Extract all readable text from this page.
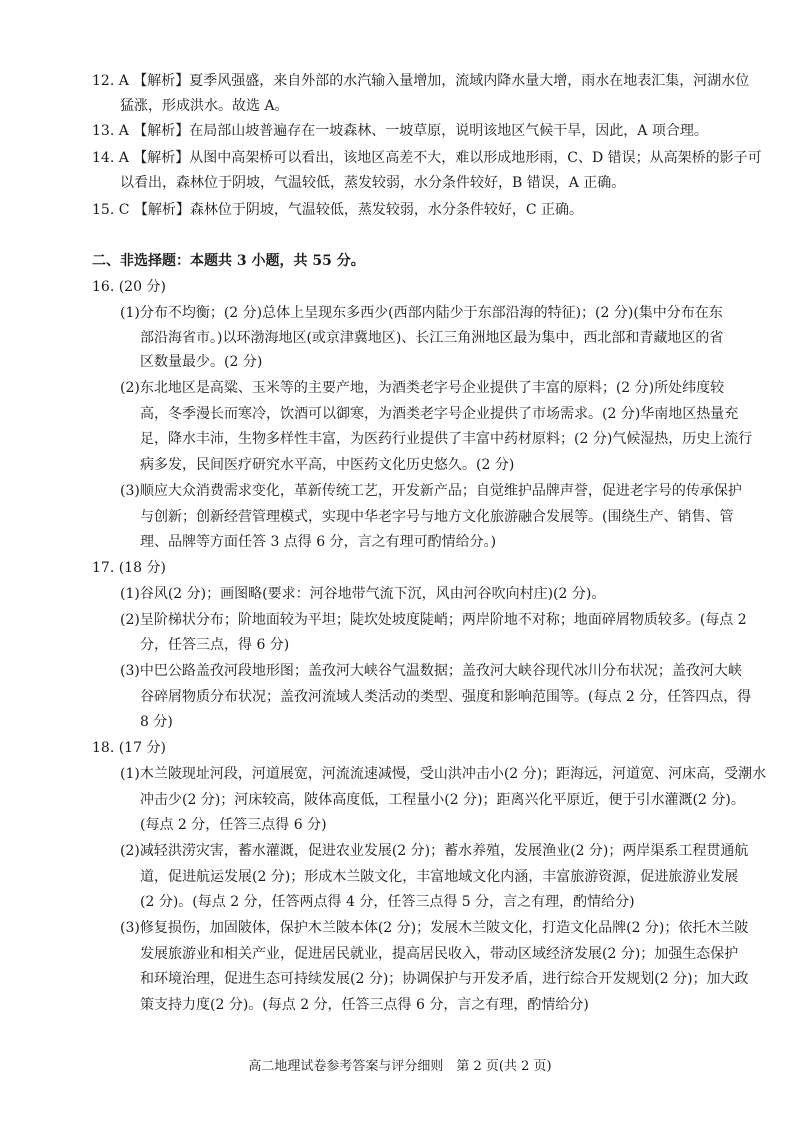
12. A 【解析】夏季风强盛，来自外部的水汽输入量增加，流域内降水量大增，雨水在地表汇集，河湖水位
猛涨，形成洪水。故选 A。
13. A 【解析】在局部山坡普遍存在一坡森林、一坡草原，说明该地区气候干旱，因此，A 项合理。
14. A 【解析】从图中高架桥可以看出，该地区高差不大，难以形成地形雨，C、D 错误；从高架桥的影子可
以看出，森林位于阴坡，气温较低，蒸发较弱，水分条件较好，B 错误，A 正确。
15. C 【解析】森林位于阴坡，气温较低，蒸发较弱，水分条件较好，C 正确。
二、非选择题：本题共 3 小题，共 55 分。
16. (20 分)
(1)分布不均衡；(2 分)总体上呈现东多西少(西部内陆少于东部沿海的特征)；(2 分)(集中分布在东
部沿海省市。)以环渤海地区(或京津冀地区)、长江三角洲地区最为集中，西北部和青藏地区的省
区数量最少。(2 分)
(2)东北地区是高粱、玉米等的主要产地，为酒类老字号企业提供了丰富的原料；(2 分)所处纬度较
高，冬季漫长而寒冷，饮酒可以御寒，为酒类老字号企业提供了市场需求。(2 分)华南地区热量充
足，降水丰沛，生物多样性丰富，为医药行业提供了丰富中药材原料；(2 分)气候湿热，历史上流行
病多发，民间医疗研究水平高，中医药文化历史悠久。(2 分)
(3)顺应大众消费需求变化，革新传统工艺，开发新产品；自觉维护品牌声誉，促进老字号的传承保护
与创新；创新经营管理模式，实现中华老字号与地方文化旅游融合发展等。(围绕生产、销售、管
理、品牌等方面任答 3 点得 6 分，言之有理可酌情给分。)
17. (18 分)
(1)谷风(2 分)；画图略(要求：河谷地带气流下沉，风由河谷吹向村庄)(2 分)。
(2)呈阶梯状分布；阶地面较为平坦；陡坎处坡度陡峭；两岸阶地不对称；地面碎屑物质较多。(每点 2
分，任答三点，得 6 分)
(3)中巴公路盖孜河段地形图；盖孜河大峡谷气温数据；盖孜河大峡谷现代冰川分布状况；盖孜河大峡
谷碎屑物质分布状况；盖孜河流域人类活动的类型、强度和影响范围等。(每点 2 分，任答四点，得
8 分)
18. (17 分)
(1)木兰陂现址河段，河道展宽，河流流速减慢，受山洪冲击小(2 分)；距海远，河道宽、河床高，受潮水
冲击少(2 分)；河床较高，陂体高度低，工程量小(2 分)；距离兴化平原近，便于引水灌溉(2 分)。
(每点 2 分，任答三点得 6 分)
(2)减轻洪涝灾害，蓄水灌溉，促进农业发展(2 分)；蓄水养殖，发展渔业(2 分)；两岸渠系工程贯通航
道，促进航运发展(2 分)；形成木兰陂文化，丰富地域文化内涵，丰富旅游资源，促进旅游业发展
(2 分)。(每点 2 分，任答两点得 4 分，任答三点得 5 分，言之有理，酌情给分)
(3)修复损伤，加固陂体，保护木兰陂本体(2 分)；发展木兰陂文化，打造文化品牌(2 分)；依托木兰陂
发展旅游业和相关产业，促进居民就业，提高居民收入，带动区域经济发展(2 分)；加强生态保护
和环境治理，促进生态可持续发展(2 分)；协调保护与开发矛盾，进行综合开发规划(2 分)；加大政
策支持力度(2 分)。(每点 2 分，任答三点得 6 分，言之有理，酌情给分)
高二地理试卷参考答案与评分细则　第 2 页(共 2 页)
